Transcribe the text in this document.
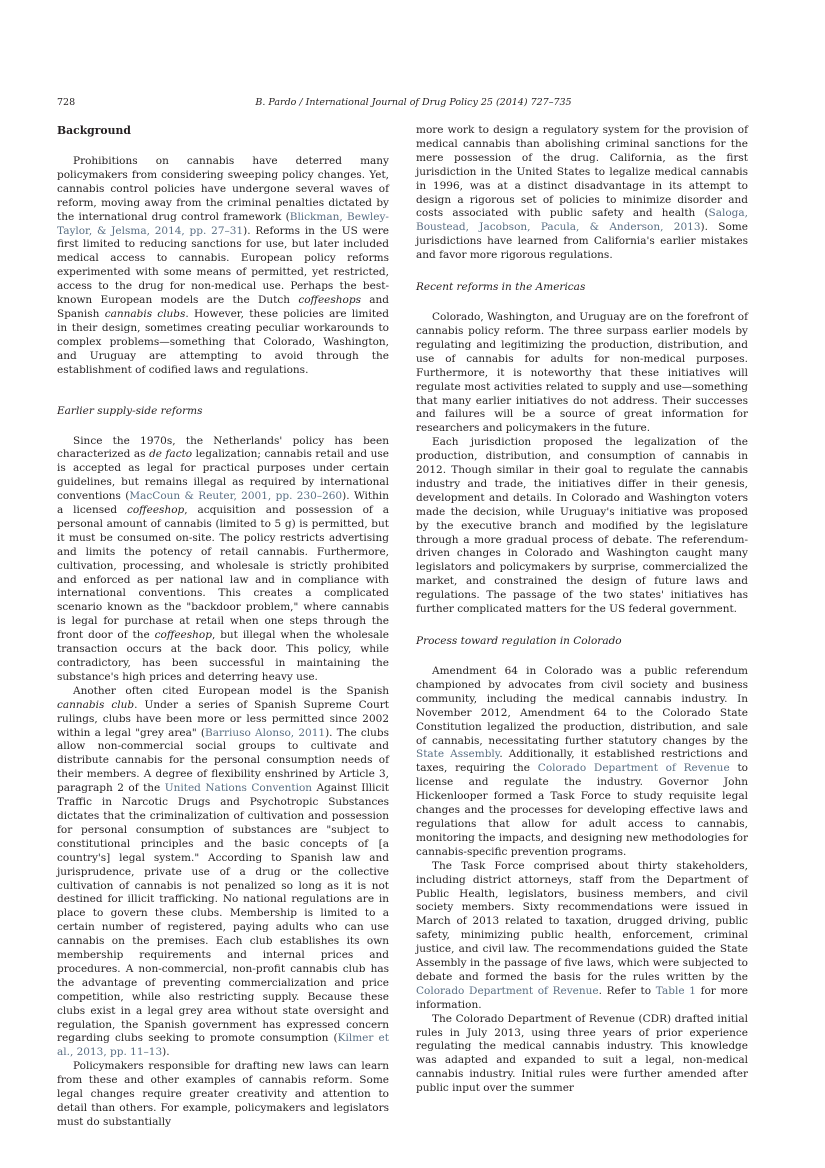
728	B. Pardo / International Journal of Drug Policy 25 (2014) 727–735
Background

Prohibitions on cannabis have deterred many policymakers from considering sweeping policy changes. Yet, cannabis control policies have undergone several waves of reform, moving away from the criminal penalties dictated by the international drug control framework (Blickman, Bewley-Taylor, & Jelsma, 2014, pp. 27–31). Reforms in the US were first limited to reducing sanctions for use, but later included medical access to cannabis. European policy reforms experimented with some means of permitted, yet restricted, access to the drug for non-medical use. Perhaps the best-known European models are the Dutch coffeeshops and Spanish cannabis clubs. However, these policies are limited in their design, sometimes creating peculiar workarounds to complex problems—something that Colorado, Washington, and Uruguay are attempting to avoid through the establishment of codified laws and regulations.

Earlier supply-side reforms

Since the 1970s, the Netherlands' policy has been characterized as de facto legalization; cannabis retail and use is accepted as legal for practical purposes under certain guidelines, but remains illegal as required by international conventions (MacCoun & Reuter, 2001, pp. 230–260). Within a licensed coffeeshop, acquisition and possession of a personal amount of cannabis (limited to 5 g) is permitted, but it must be consumed on-site. The policy restricts advertising and limits the potency of retail cannabis. Furthermore, cultivation, processing, and wholesale is strictly prohibited and enforced as per national law and in compliance with international conventions. This creates a complicated scenario known as the "backdoor problem," where cannabis is legal for purchase at retail when one steps through the front door of the coffeeshop, but illegal when the wholesale transaction occurs at the back door. This policy, while contradictory, has been successful in maintaining the substance's high prices and deterring heavy use.

Another often cited European model is the Spanish cannabis club. Under a series of Spanish Supreme Court rulings, clubs have been more or less permitted since 2002 within a legal "grey area" (Barriuso Alonso, 2011). The clubs allow non-commercial social groups to cultivate and distribute cannabis for the personal consumption needs of their members. A degree of flexibility enshrined by Article 3, paragraph 2 of the United Nations Convention Against Illicit Traffic in Narcotic Drugs and Psychotropic Substances dictates that the criminalization of cultivation and possession for personal consumption of substances are "subject to constitutional principles and the basic concepts of [a country's] legal system." According to Spanish law and jurisprudence, private use of a drug or the collective cultivation of cannabis is not penalized so long as it is not destined for illicit trafficking. No national regulations are in place to govern these clubs. Membership is limited to a certain number of registered, paying adults who can use cannabis on the premises. Each club establishes its own membership requirements and internal prices and procedures. A non-commercial, non-profit cannabis club has the advantage of preventing commercialization and price competition, while also restricting supply. Because these clubs exist in a legal grey area without state oversight and regulation, the Spanish government has expressed concern regarding clubs seeking to promote consumption (Kilmer et al., 2013, pp. 11–13).

Policymakers responsible for drafting new laws can learn from these and other examples of cannabis reform. Some legal changes require greater creativity and attention to detail than others. For example, policymakers and legislators must do substantially

more work to design a regulatory system for the provision of medical cannabis than abolishing criminal sanctions for the mere possession of the drug. California, as the first jurisdiction in the United States to legalize medical cannabis in 1996, was at a distinct disadvantage in its attempt to design a rigorous set of policies to minimize disorder and costs associated with public safety and health (Saloga, Boustead, Jacobson, Pacula, & Anderson, 2013). Some jurisdictions have learned from California's earlier mistakes and favor more rigorous regulations.

Recent reforms in the Americas

Colorado, Washington, and Uruguay are on the forefront of cannabis policy reform. The three surpass earlier models by regulating and legitimizing the production, distribution, and use of cannabis for adults for non-medical purposes. Furthermore, it is noteworthy that these initiatives will regulate most activities related to supply and use—something that many earlier initiatives do not address. Their successes and failures will be a source of great information for researchers and policymakers in the future.

Each jurisdiction proposed the legalization of the production, distribution, and consumption of cannabis in 2012. Though similar in their goal to regulate the cannabis industry and trade, the initiatives differ in their genesis, development and details. In Colorado and Washington voters made the decision, while Uruguay's initiative was proposed by the executive branch and modified by the legislature through a more gradual process of debate. The referendum-driven changes in Colorado and Washington caught many legislators and policymakers by surprise, commercialized the market, and constrained the design of future laws and regulations. The passage of the two states' initiatives has further complicated matters for the US federal government.

Process toward regulation in Colorado

Amendment 64 in Colorado was a public referendum championed by advocates from civil society and business community, including the medical cannabis industry. In November 2012, Amendment 64 to the Colorado State Constitution legalized the production, distribution, and sale of cannabis, necessitating further statutory changes by the State Assembly. Additionally, it established restrictions and taxes, requiring the Colorado Department of Revenue to license and regulate the industry. Governor John Hickenlooper formed a Task Force to study requisite legal changes and the processes for developing effective laws and regulations that allow for adult access to cannabis, monitoring the impacts, and designing new methodologies for cannabis-specific prevention programs.

The Task Force comprised about thirty stakeholders, including district attorneys, staff from the Department of Public Health, legislators, business members, and civil society members. Sixty recommendations were issued in March of 2013 related to taxation, drugged driving, public safety, minimizing public health, enforcement, criminal justice, and civil law. The recommendations guided the State Assembly in the passage of five laws, which were subjected to debate and formed the basis for the rules written by the Colorado Department of Revenue. Refer to Table 1 for more information.

The Colorado Department of Revenue (CDR) drafted initial rules in July 2013, using three years of prior experience regulating the medical cannabis industry. This knowledge was adapted and expanded to suit a legal, non-medical cannabis industry. Initial rules were further amended after public input over the summer
